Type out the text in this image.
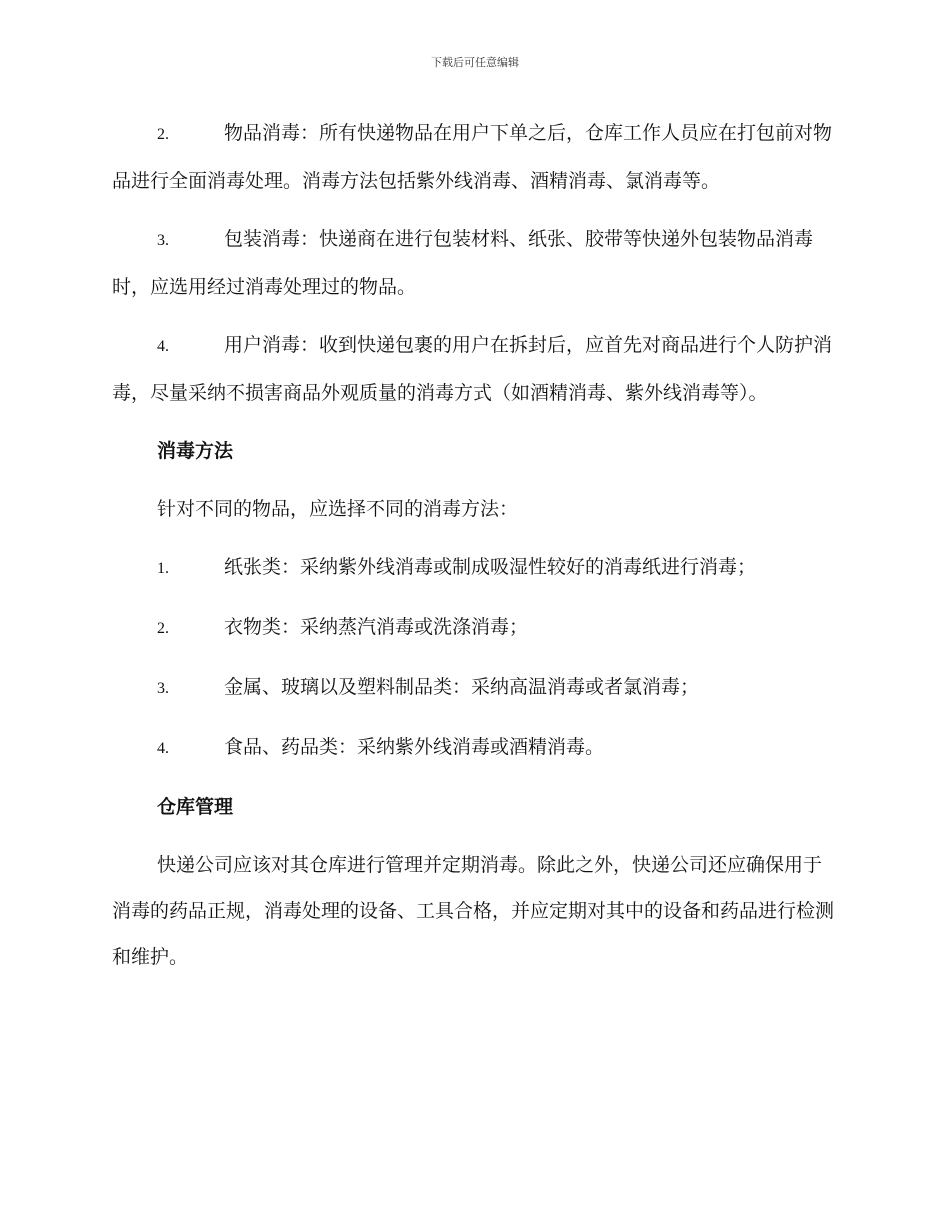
下载后可任意编辑

2.	物品消毒：所有快递物品在用户下单之后，仓库工作人员应在打包前对物品进行全面消毒处理。消毒方法包括紫外线消毒、酒精消毒、氯消毒等。

3.	包装消毒：快递商在进行包装材料、纸张、胶带等快递外包装物品消毒时，应选用经过消毒处理过的物品。

4.	用户消毒：收到快递包裹的用户在拆封后，应首先对商品进行个人防护消毒，尽量采纳不损害商品外观质量的消毒方式（如酒精消毒、紫外线消毒等）。

消毒方法

针对不同的物品，应选择不同的消毒方法：

1.	纸张类：采纳紫外线消毒或制成吸湿性较好的消毒纸进行消毒；

2.	衣物类：采纳蒸汽消毒或洗涤消毒；

3.	金属、玻璃以及塑料制品类：采纳高温消毒或者氯消毒；

4.	食品、药品类：采纳紫外线消毒或酒精消毒。

仓库管理

快递公司应该对其仓库进行管理并定期消毒。除此之外，快递公司还应确保用于消毒的药品正规，消毒处理的设备、工具合格，并应定期对其中的设备和药品进行检测和维护。
